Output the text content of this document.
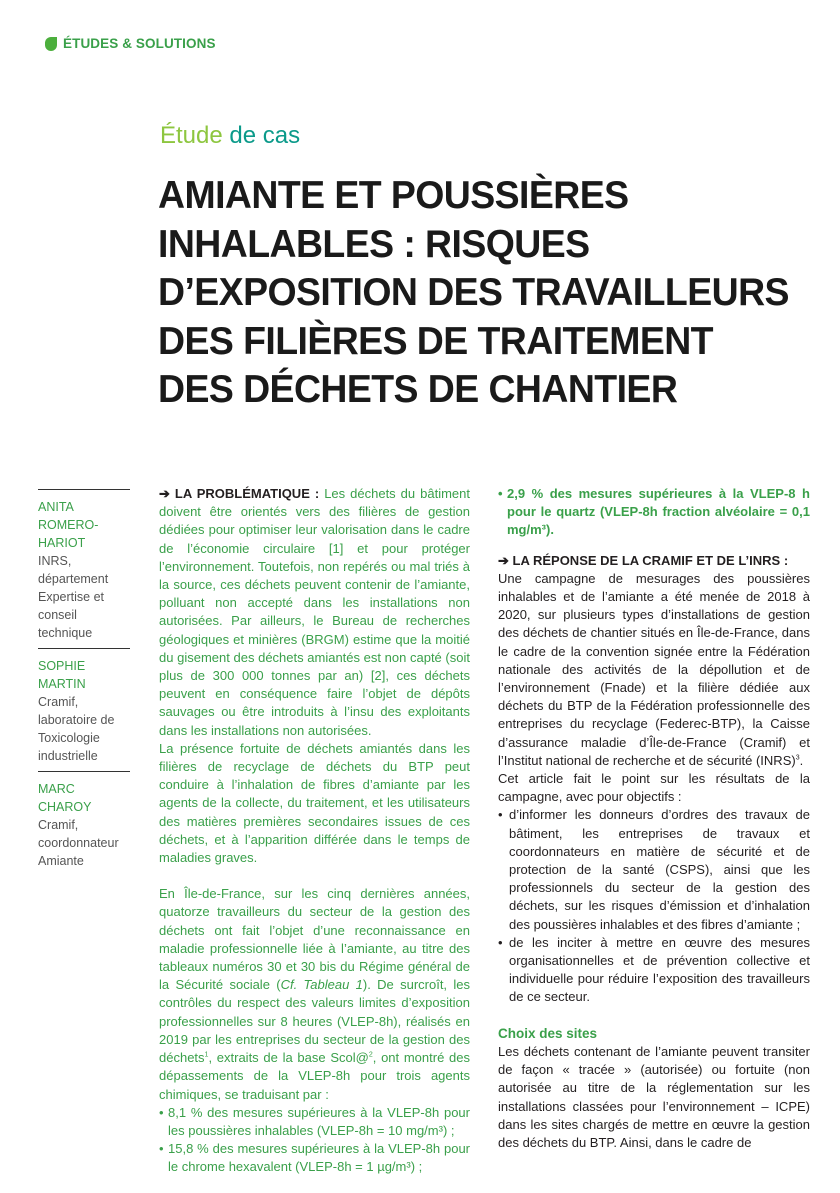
ÉTUDES & SOLUTIONS
Étude de cas
AMIANTE ET POUSSIÈRES
INHALABLES : RISQUES
D’EXPOSITION DES TRAVAILLEURS
DES FILIÈRES DE TRAITEMENT
DES DÉCHETS DE CHANTIER
ANITA ROMERO-HARIOT
INRS, département Expertise et conseil technique
SOPHIE MARTIN
Cramif, laboratoire de Toxicologie industrielle
MARC CHAROY
Cramif, coordonnateur Amiante

➔ LA PROBLÉMATIQUE : Les déchets du bâtiment doivent être orientés vers des filières de gestion dédiées pour optimiser leur valorisation dans le cadre de l’économie circulaire [1] et pour protéger l’environnement. Toutefois, non repérés ou mal triés à la source, ces déchets peuvent contenir de l’amiante, polluant non accepté dans les installations non autorisées. Par ailleurs, le Bureau de recherches géologiques et minières (BRGM) estime que la moitié du gisement des déchets amiantés est non capté (soit plus de 300 000 tonnes par an) [2], ces déchets peuvent en conséquence faire l’objet de dépôts sauvages ou être introduits à l’insu des exploitants dans les installations non autorisées.

La présence fortuite de déchets amiantés dans les filières de recyclage de déchets du BTP peut conduire à l’inhalation de fibres d’amiante par les agents de la collecte, du traitement, et les utilisateurs des matières premières secondaires issues de ces déchets, et à l’apparition différée dans le temps de maladies graves.

En Île-de-France, sur les cinq dernières années, quatorze travailleurs du secteur de la gestion des déchets ont fait l’objet d’une reconnaissance en maladie professionnelle liée à l’amiante, au titre des tableaux numéros 30 et 30 bis du Régime général de la Sécurité sociale (Cf. Tableau 1). De surcroît, les contrôles du respect des valeurs limites d’exposition professionnelles sur 8 heures (VLEP-8h), réalisés en 2019 par les entreprises du secteur de la gestion des déchets$^1$, extraits de la base Scol@$^2$, ont montré des dépassements de la VLEP-8h pour trois agents chimiques, se traduisant par :

• 8,1 % des mesures supérieures à la VLEP-8h pour les poussières inhalables (VLEP-8h = 10 mg/m³) ;

• 15,8 % des mesures supérieures à la VLEP-8h pour le chrome hexavalent (VLEP-8h = 1 µg/m³) ;

• 2,9 % des mesures supérieures à la VLEP-8 h pour le quartz (VLEP-8h fraction alvéolaire = 0,1 mg/m³).

➔ LA RÉPONSE DE LA CRAMIF ET DE L’INRS :

Une campagne de mesurages des poussières inhalables et de l’amiante a été menée de 2018 à 2020, sur plusieurs types d’installations de gestion des déchets de chantier situés en Île-de-France, dans le cadre de la convention signée entre la Fédération nationale des activités de la dépollution et de l’environnement (Fnade) et la filière dédiée aux déchets du BTP de la Fédération professionnelle des entreprises du recyclage (Federec-BTP), la Caisse d’assurance maladie d’Île-de-France (Cramif) et l’Institut national de recherche et de sécurité (INRS)$^3$.

Cet article fait le point sur les résultats de la campagne, avec pour objectifs :

• d’informer les donneurs d’ordres des travaux de bâtiment, les entreprises de travaux et coordonnateurs en matière de sécurité et de protection de la santé (CSPS), ainsi que les professionnels du secteur de la gestion des déchets, sur les risques d’émission et d’inhalation des poussières inhalables et des fibres d’amiante ;

• de les inciter à mettre en œuvre des mesures organisationnelles et de prévention collective et individuelle pour réduire l’exposition des travailleurs de ce secteur.

Choix des sites

Les déchets contenant de l’amiante peuvent transiter de façon « tracée » (autorisée) ou fortuite (non autorisée au titre de la réglementation sur les installations classées pour l’environnement – ICPE) dans les sites chargés de mettre en œuvre la gestion des déchets du BTP. Ainsi, dans le cadre de
